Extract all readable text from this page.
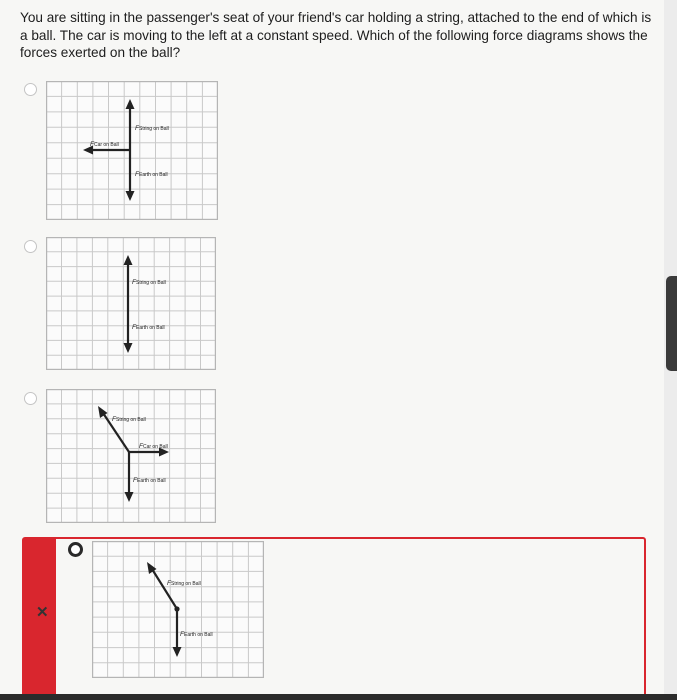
You are sitting in the passenger's seat of your friend's car holding a string, attached to the end of which is a ball. The car is moving to the left at a constant speed. Which of the following force diagrams shows the forces exerted on the ball?

FString on Ball
FCar on Ball
FEarth on Ball
FString on Ball
FEarth on Ball
FString on Ball
FCar on Ball
FEarth on Ball
✕
FString on Ball
FEarth on Ball
